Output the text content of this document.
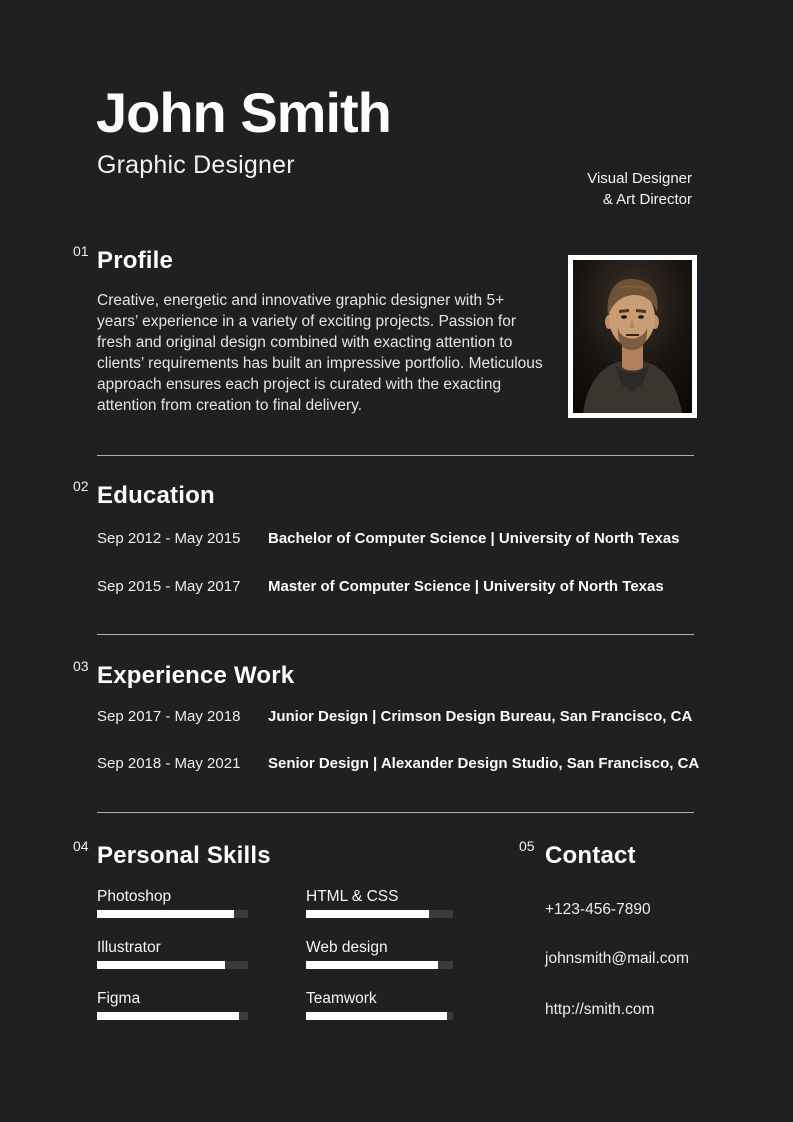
John Smith
Graphic Designer	Visual Designer
& Art Director
01 Profile
Creative, energetic and innovative graphic designer with 5+ years’ experience in a variety of exciting projects. Passion for fresh and original design combined with exacting attention to clients’ requirements has built an impressive portfolio. Meticulous approach ensures each project is curated with the exacting attention from creation to final delivery.
02 Education
Sep 2012 - May 2015	Bachelor of Computer Science | University of North Texas
Sep 2015 - May 2017	Master of Computer Science | University of North Texas
03 Experience Work
Sep 2017 - May 2018	Junior Design | Crimson Design Bureau, San Francisco, CA
Sep 2018 - May 2021	Senior Design | Alexander Design Studio, San Francisco, CA
04 Personal Skills
Photoshop	HTML & CSS
Illustrator	Web design
Figma	Teamwork
05 Contact
+123-456-7890
johnsmith@mail.com
http://smith.com
